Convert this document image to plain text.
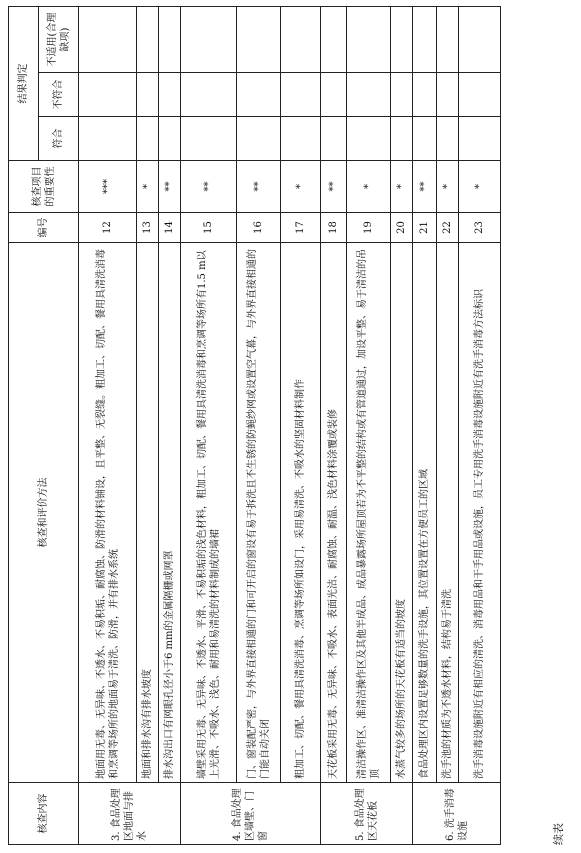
核查内容	核查和评价方法	编号	核查项目的重要性	结果判定		
				符合	不符合	不适用(合理缺项)
3. 食品处理区地面与排水	地面用无毒、无异味、不透水、不易积垢、耐腐蚀、防滑的材料铺设，且平整、无裂缝。粗加工、切配、餐用具清洗消毒和烹调等场所的地面易于清洗、防滑，并有排水系统	12	***			
	地面和排水沟有排水坡度	13	*			
	排水沟出口有网眼孔径小于6 mm的金属隔栅或网罩	14	**			
4. 食品处理区墙壁、门窗	墙壁采用无毒、无异味、不透水、平滑、不易积垢的浅色材料，粗加工、切配、餐用具清洗消毒和烹调等场所有1.5 m以上光滑、不吸水、浅色、耐用和易清洗的材料制成的墙裙	15	**			
	门、窗装配严密，与外界直接相通的门和可开启的窗设有易于拆洗且不生锈的防蝇纱网或设置空气幕，与外界直接相通的门能自动关闭	16	**			
	粗加工、切配、餐用具清洗消毒、烹调等场所如设门，采用易清洗、不吸水的坚固材料制作	17	*			
5. 食品处理区天花板	天花板采用无毒、无异味、不吸水、表面光洁、耐腐蚀、耐温、浅色材料涂覆或装修	18	**			
	清洁操作区、准清洁操作区及其他半成品、成品暴露场所屋顶若为不平整的结构或有管道通过，加设平整、易于清洁的吊顶	19	*			
	水蒸气较多的场所的天花板有适当的坡度	20	*			
6. 洗手消毒设施	食品处理区内设置足够数量的洗手设施，其位置设置在方便员工的区域	21	**			
	洗手池的材质为不透水材料，结构易于清洗	22	*			
	洗手消毒设施附近有相应的清洗、消毒用品和干手用品或设施，员工专用洗手消毒设施附近有洗手消毒方法标识	23	*			
续表
